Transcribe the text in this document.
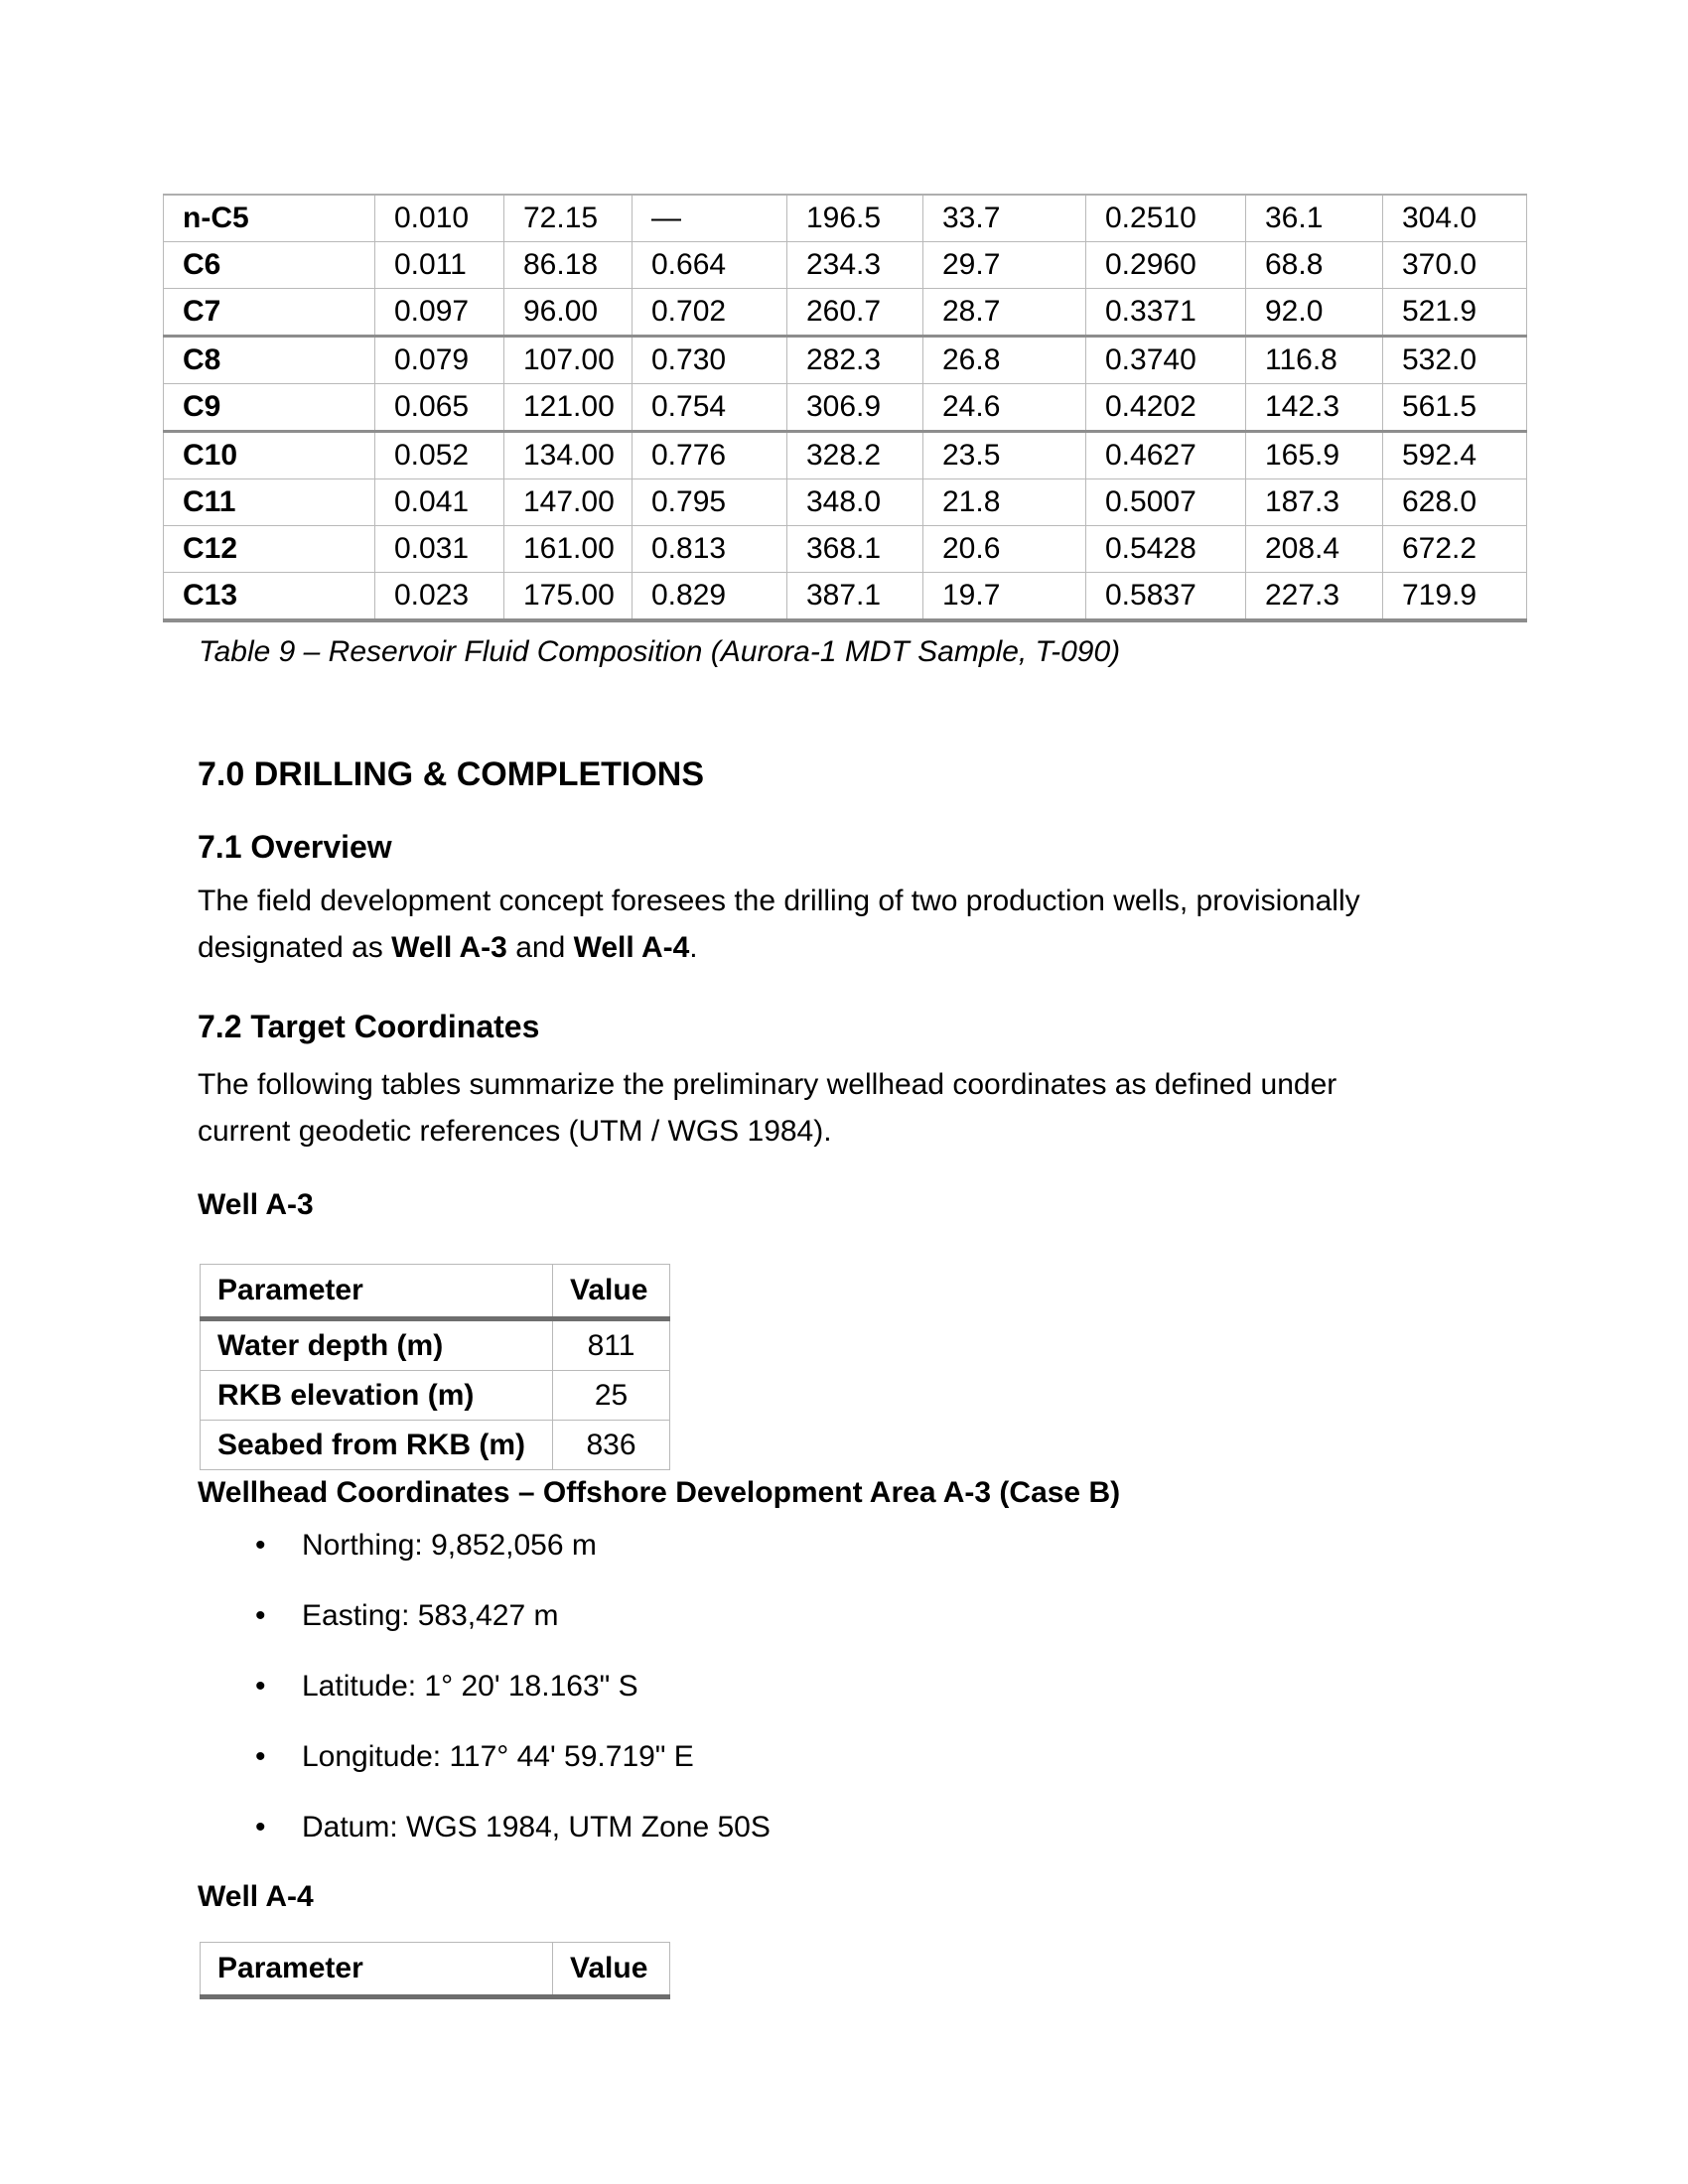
n-C5	0.010	72.15	—	196.5	33.7	0.2510	36.1	304.0
C6	0.011	86.18	0.664	234.3	29.7	0.2960	68.8	370.0
C7	0.097	96.00	0.702	260.7	28.7	0.3371	92.0	521.9
C8	0.079	107.00	0.730	282.3	26.8	0.3740	116.8	532.0
C9	0.065	121.00	0.754	306.9	24.6	0.4202	142.3	561.5
C10	0.052	134.00	0.776	328.2	23.5	0.4627	165.9	592.4
C11	0.041	147.00	0.795	348.0	21.8	0.5007	187.3	628.0
C12	0.031	161.00	0.813	368.1	20.6	0.5428	208.4	672.2
C13	0.023	175.00	0.829	387.1	19.7	0.5837	227.3	719.9
Table 9 – Reservoir Fluid Composition (Aurora-1 MDT Sample, T-090)
7.0 DRILLING & COMPLETIONS
7.1 Overview
The field development concept foresees the drilling of two production wells, provisionally
designated as Well A-3 and Well A-4.
7.2 Target Coordinates
The following tables summarize the preliminary wellhead coordinates as defined under
current geodetic references (UTM / WGS 1984).
Well A-3
Parameter	Value
Water depth (m)	811
RKB elevation (m)	25
Seabed from RKB (m)	836
Wellhead Coordinates – Offshore Development Area A-3 (Case B)
•	Northing: 9,852,056 m
•	Easting: 583,427 m
•	Latitude: 1° 20' 18.163" S
•	Longitude: 117° 44' 59.719" E
•	Datum: WGS 1984, UTM Zone 50S
Well A-4
Parameter	Value
